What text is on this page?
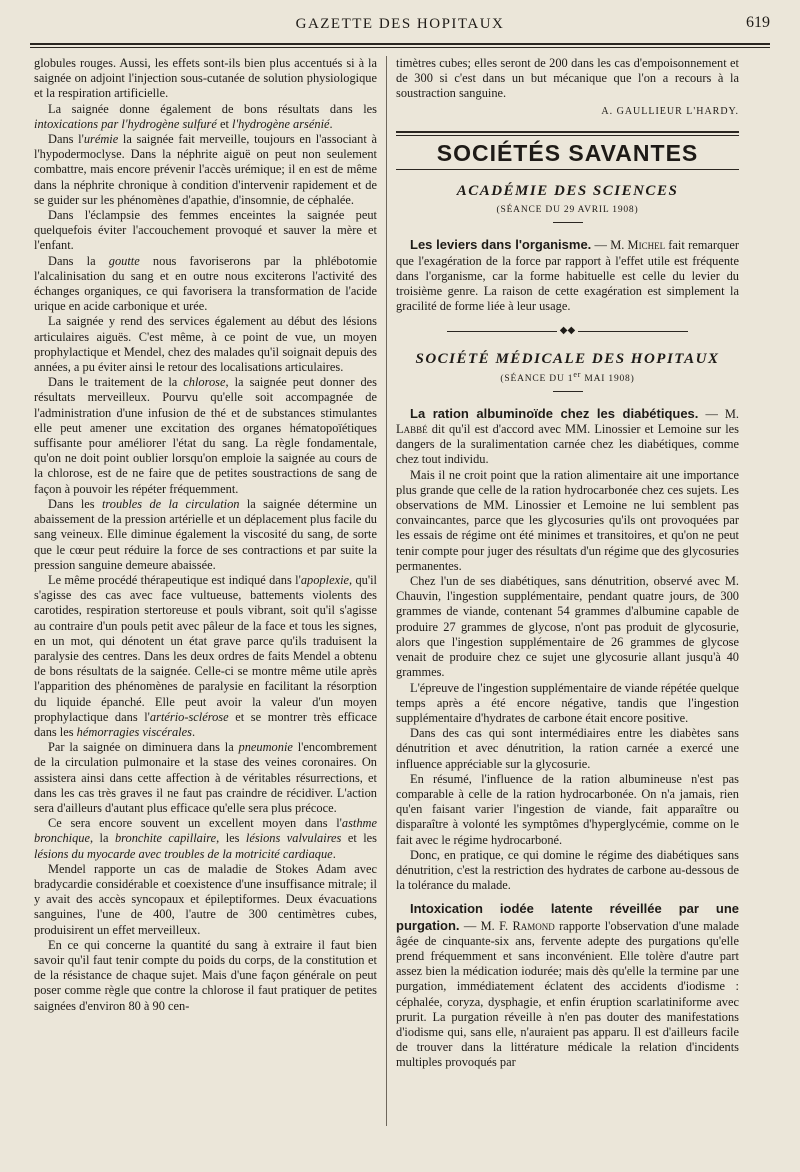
GAZETTE DES HOPITAUX	619

globules rouges. Aussi, les effets sont-ils bien plus accentués si à la saignée on adjoint l'injection sous-cutanée de solution physiologique et la respiration artificielle.

La saignée donne également de bons résultats dans les intoxications par l'hydrogène sulfuré et l'hydrogène arsénié.

Dans l'urémie la saignée fait merveille, toujours en l'associant à l'hypodermoclyse. Dans la néphrite aiguë on peut non seulement combattre, mais encore prévenir l'accès urémique; il en est de même dans la néphrite chronique à condition d'intervenir rapidement et de se guider sur les phénomènes d'apathie, d'insomnie, de céphalée.

Dans l'éclampsie des femmes enceintes la saignée peut quelquefois éviter l'accouchement provoqué et sauver la mère et l'enfant.

Dans la goutte nous favoriserons par la phlébotomie l'alcalinisation du sang et en outre nous exciterons l'activité des échanges organiques, ce qui favorisera la transformation de l'acide urique en acide carbonique et urée.

La saignée y rend des services également au début des lésions articulaires aiguës. C'est même, à ce point de vue, un moyen prophylactique et Mendel, chez des malades qu'il soignait depuis des années, a pu éviter ainsi le retour des localisations articulaires.

Dans le traitement de la chlorose, la saignée peut donner des résultats merveilleux. Pourvu qu'elle soit accompagnée de l'administration d'une infusion de thé et de substances stimulantes elle peut amener une excitation des organes hématopoïétiques suffisante pour améliorer l'état du sang. La règle fondamentale, qu'on ne doit point oublier lorsqu'on emploie la saignée au cours de la chlorose, est de ne faire que de petites soustractions de sang de façon à pouvoir les répéter fréquemment.

Dans les troubles de la circulation la saignée détermine un abaissement de la pression artérielle et un déplacement plus facile du sang veineux. Elle diminue également la viscosité du sang, de sorte que le cœur peut réduire la force de ses contractions et par suite la pression sanguine demeure abaissée.

Le même procédé thérapeutique est indiqué dans l'apoplexie, qu'il s'agisse des cas avec face vultueuse, battements violents des carotides, respiration stertoreuse et pouls vibrant, soit qu'il s'agisse au contraire d'un pouls petit avec pâleur de la face et tous les signes, en un mot, qui dénotent un état grave parce qu'ils traduisent la paralysie des centres. Dans les deux ordres de faits Mendel a obtenu de bons résultats de la saignée. Celle-ci se montre même utile après l'apparition des phénomènes de paralysie en facilitant la résorption du liquide épanché. Elle peut avoir la valeur d'un moyen prophylactique dans l'artério-sclérose et se montrer très efficace dans les hémorragies viscérales.

Par la saignée on diminuera dans la pneumonie l'encombrement de la circulation pulmonaire et la stase des veines coronaires. On assistera ainsi dans cette affection à de véritables résurrections, et dans les cas très graves il ne faut pas craindre de récidiver. L'action sera d'ailleurs d'autant plus efficace qu'elle sera plus précoce.

Ce sera encore souvent un excellent moyen dans l'asthme bronchique, la bronchite capillaire, les lésions valvulaires et les lésions du myocarde avec troubles de la motricité cardiaque.

Mendel rapporte un cas de maladie de Stokes Adam avec bradycardie considérable et coexistence d'une insuffisance mitrale; il y avait des accès syncopaux et épileptiformes. Deux évacuations sanguines, l'une de 400, l'autre de 300 centimètres cubes, produisirent un effet merveilleux.

En ce qui concerne la quantité du sang à extraire il faut bien savoir qu'il faut tenir compte du poids du corps, de la constitution et de la résistance de chaque sujet. Mais d'une façon générale on peut poser comme règle que contre la chlorose il faut pratiquer de petites saignées d'environ 80 à 90 cen-

timètres cubes; elles seront de 200 dans les cas d'empoisonnement et de 300 si c'est dans un but mécanique que l'on a recours à la soustraction sanguine.

A. GAULLIEUR L'HARDY.
SOCIÉTÉS SAVANTES
ACADÉMIE DES SCIENCES
(SÉANCE DU 29 AVRIL 1908)

Les leviers dans l'organisme. — M. Michel fait remarquer que l'exagération de la force par rapport à l'effet utile est fréquente dans l'organisme, car la forme habituelle est celle du levier du troisième genre. La raison de cette exagération est simplement la gracilité de forme liée à leur usage.

◆◆
SOCIÉTÉ MÉDICALE DES HOPITAUX
(SÉANCE DU 1er MAI 1908)

La ration albuminoïde chez les diabétiques. — M. Labbé dit qu'il est d'accord avec MM. Linossier et Lemoine sur les dangers de la suralimentation carnée chez les diabétiques, comme chez tout individu.

Mais il ne croit point que la ration alimentaire ait une importance plus grande que celle de la ration hydrocarbonée chez ces sujets. Les observations de MM. Linossier et Lemoine ne lui semblent pas convaincantes, parce que les glycosuries qu'ils ont provoquées par les essais de régime ont été minimes et transitoires, et qu'on ne peut tenir compte pour juger des résultats d'un régime que des glycosuries permanentes.

Chez l'un de ses diabétiques, sans dénutrition, observé avec M. Chauvin, l'ingestion supplémentaire, pendant quatre jours, de 300 grammes de viande, contenant 54 grammes d'albumine capable de produire 27 grammes de glycose, n'ont pas produit de glycosurie, alors que l'ingestion supplémentaire de 26 grammes de glycose venait de produire chez ce sujet une glycosurie allant jusqu'à 40 grammes.

L'épreuve de l'ingestion supplémentaire de viande répétée quelque temps après a été encore négative, tandis que l'ingestion supplémentaire d'hydrates de carbone était encore positive.

Dans des cas qui sont intermédiaires entre les diabètes sans dénutrition et avec dénutrition, la ration carnée a exercé une influence appréciable sur la glycosurie.

En résumé, l'influence de la ration albumineuse n'est pas comparable à celle de la ration hydrocarbonée. On n'a jamais, rien qu'en faisant varier l'ingestion de viande, fait apparaître ou disparaître à volonté les symptômes d'hyperglycémie, comme on le fait avec le régime hydrocarboné.

Donc, en pratique, ce qui domine le régime des diabétiques sans dénutrition, c'est la restriction des hydrates de carbone au-dessous de la tolérance du malade.

Intoxication iodée latente réveillée par une purgation. — M. F. Ramond rapporte l'observation d'une malade âgée de cinquante-six ans, fervente adepte des purgations qu'elle prend fréquemment et sans inconvénient. Elle tolère d'autre part assez bien la médication iodurée; mais dès qu'elle la termine par une purgation, immédiatement éclatent des accidents d'iodisme : céphalée, coryza, dysphagie, et enfin éruption scarlatiniforme avec prurit. La purgation réveille à n'en pas douter des manifestations d'iodisme qui, sans elle, n'auraient pas apparu. Il est d'ailleurs facile de trouver dans la littérature médicale la relation d'incidents multiples provoqués par
